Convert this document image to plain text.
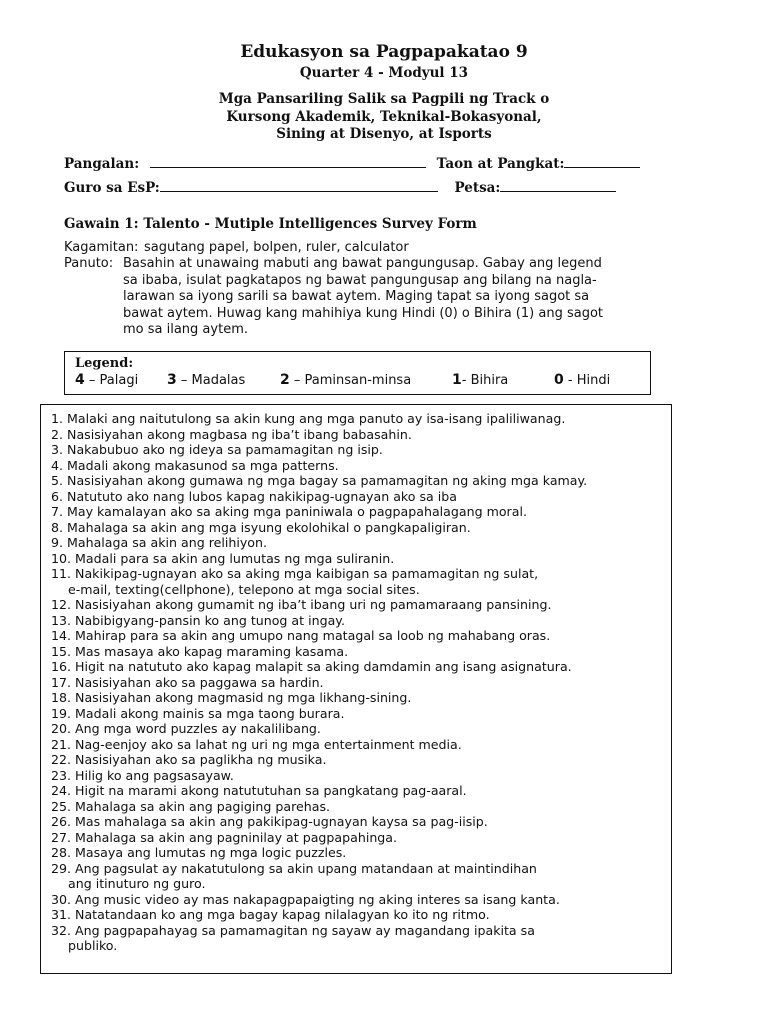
Edukasyon sa Pagpapakatao 9
Quarter 4 - Modyul 13
Mga Pansariling Salik sa Pagpili ng Track o
Kursong Akademik, Teknikal-Bokasyonal,
Sining at Disenyo, at Isports
Pangalan:	Taon at Pangkat:
Guro sa EsP:	Petsa:
Gawain 1: Talento - Mutiple Intelligences Survey Form
Kagamitan: sagutang papel, bolpen, ruler, calculator
Panuto: Basahin at unawaing mabuti ang bawat pangungusap. Gabay ang legend
sa ibaba, isulat pagkatapos ng bawat pangungusap ang bilang na nagla-
larawan sa iyong sarili sa bawat aytem. Maging tapat sa iyong sagot sa
bawat aytem. Huwag kang mahihiya kung Hindi (0) o Bihira (1) ang sagot
mo sa ilang aytem.
Legend:
4 – Palagi 3 – Madalas 2 – Paminsan-minsa	1- Bihira	0 - Hindi
1. Malaki ang naitutulong sa akin kung ang mga panuto ay isa-isang ipaliliwanag.
2. Nasisiyahan akong magbasa ng iba’t ibang babasahin.
3. Nakabubuo ako ng ideya sa pamamagitan ng isip.
4. Madali akong makasunod sa mga patterns.
5. Nasisiyahan akong gumawa ng mga bagay sa pamamagitan ng aking mga kamay.
6. Natututo ako nang lubos kapag nakikipag-ugnayan ako sa iba
7. May kamalayan ako sa aking mga paniniwala o pagpapahalagang moral.
8. Mahalaga sa akin ang mga isyung ekolohikal o pangkapaligiran.
9. Mahalaga sa akin ang relihiyon.
10. Madali para sa akin ang lumutas ng mga suliranin.
11. Nakikipag-ugnayan ako sa aking mga kaibigan sa pamamagitan ng sulat,
e-mail, texting(cellphone), telepono at mga social sites.
12. Nasisiyahan akong gumamit ng iba’t ibang uri ng pamamaraang pansining.
13. Nabibigyang-pansin ko ang tunog at ingay.
14. Mahirap para sa akin ang umupo nang matagal sa loob ng mahabang oras.
15. Mas masaya ako kapag maraming kasama.
16. Higit na natututo ako kapag malapit sa aking damdamin ang isang asignatura.
17. Nasisiyahan ako sa paggawa sa hardin.
18. Nasisiyahan akong magmasid ng mga likhang-sining.
19. Madali akong mainis sa mga taong burara.
20. Ang mga word puzzles ay nakalilibang.
21. Nag-eenjoy ako sa lahat ng uri ng mga entertainment media.
22. Nasisiyahan ako sa paglikha ng musika.
23. Hilig ko ang pagsasayaw.
24. Higit na marami akong natututuhan sa pangkatang pag-aaral.
25. Mahalaga sa akin ang pagiging parehas.
26. Mas mahalaga sa akin ang pakikipag-ugnayan kaysa sa pag-iisip.
27. Mahalaga sa akin ang pagninilay at pagpapahinga.
28. Masaya ang lumutas ng mga logic puzzles.
29. Ang pagsulat ay nakatutulong sa akin upang matandaan at maintindihan
ang itinuturo ng guro.
30. Ang music video ay mas nakapagpapaigting ng aking interes sa isang kanta.
31. Natatandaan ko ang mga bagay kapag nilalagyan ko ito ng ritmo.
32. Ang pagpapahayag sa pamamagitan ng sayaw ay magandang ipakita sa
publiko.
